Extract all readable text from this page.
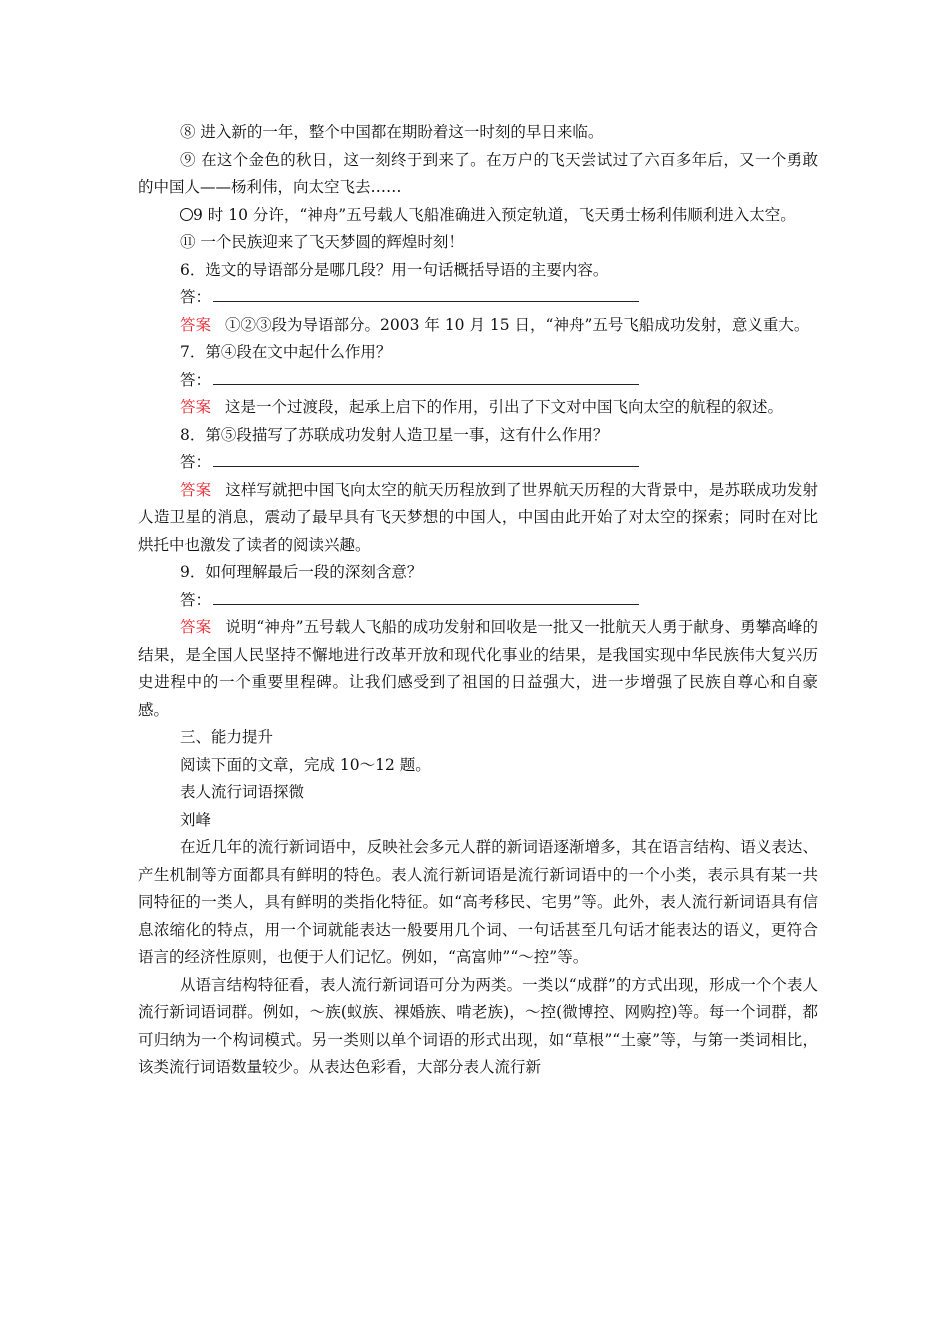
⑧ 进入新的一年，整个中国都在期盼着这一时刻的早日来临。

⑨ 在这个金色的秋日，这一刻终于到来了。在万户的飞天尝试过了六百多年后，又一个勇敢的中国人——杨利伟，向太空飞去……

9 时 10 分许，“神舟”五号载人飞船准确进入预定轨道，飞天勇士杨利伟顺利进入太空。

⑪ 一个民族迎来了飞天梦圆的辉煌时刻！

6．选文的导语部分是哪几段？用一句话概括导语的主要内容。

答：

答案 ①②③段为导语部分。2003 年 10 月 15 日，“神舟”五号飞船成功发射，意义重大。

7．第④段在文中起什么作用？

答：

答案 这是一个过渡段，起承上启下的作用，引出了下文对中国飞向太空的航程的叙述。

8．第⑤段描写了苏联成功发射人造卫星一事，这有什么作用？

答：

答案 这样写就把中国飞向太空的航天历程放到了世界航天历程的大背景中，是苏联成功发射人造卫星的消息，震动了最早具有飞天梦想的中国人，中国由此开始了对太空的探索；同时在对比烘托中也激发了读者的阅读兴趣。

9．如何理解最后一段的深刻含意？

答：

答案 说明“神舟”五号载人飞船的成功发射和回收是一批又一批航天人勇于献身、勇攀高峰的结果，是全国人民坚持不懈地进行改革开放和现代化事业的结果，是我国实现中华民族伟大复兴历史进程中的一个重要里程碑。让我们感受到了祖国的日益强大，进一步增强了民族自尊心和自豪感。

三、能力提升

阅读下面的文章，完成 10～12 题。

表人流行词语探微

刘峰

在近几年的流行新词语中，反映社会多元人群的新词语逐渐增多，其在语言结构、语义表达、产生机制等方面都具有鲜明的特色。表人流行新词语是流行新词语中的一个小类，表示具有某一共同特征的一类人，具有鲜明的类指化特征。如“高考移民、宅男”等。此外，表人流行新词语具有信息浓缩化的特点，用一个词就能表达一般要用几个词、一句话甚至几句话才能表达的语义，更符合语言的经济性原则，也便于人们记忆。例如，“高富帅”“～控”等。

从语言结构特征看，表人流行新词语可分为两类。一类以“成群”的方式出现，形成一个个表人流行新词语词群。例如，～族(蚁族、裸婚族、啃老族)，～控(微博控、网购控)等。每一个词群，都可归纳为一个构词模式。另一类则以单个词语的形式出现，如“草根”“土豪”等，与第一类词相比，该类流行词语数量较少。从表达色彩看，大部分表人流行新
